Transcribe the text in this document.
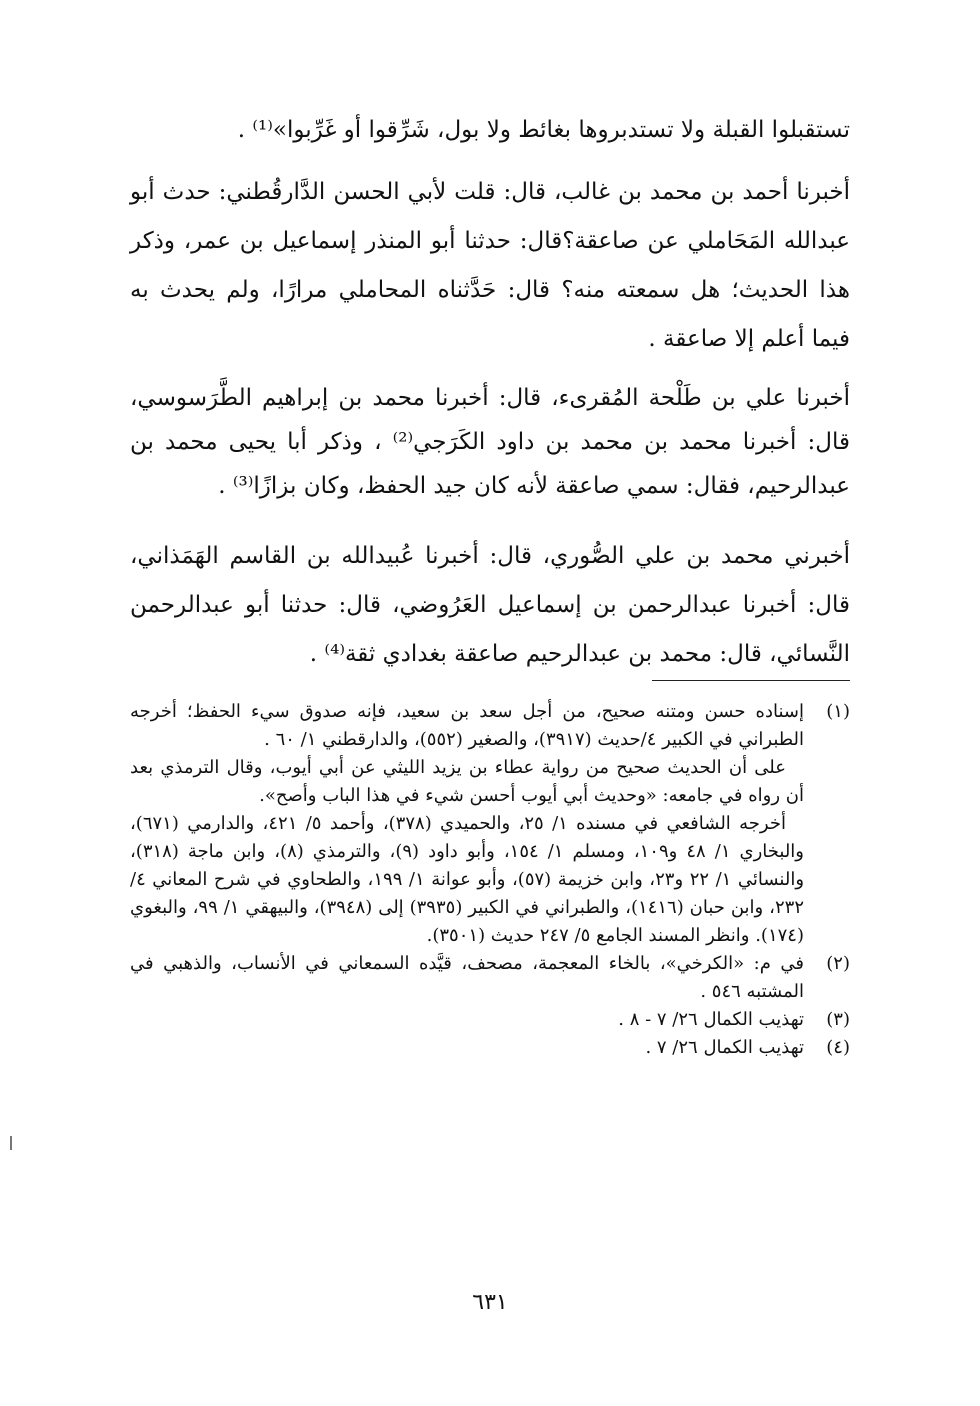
تستقبلوا القبلة ولا تستدبروها بغائط ولا بول، شَرِّقوا أو غَرِّبوا»⁽¹⁾ .

أخبرنا أحمد بن محمد بن غالب، قال: قلت لأبي الحسن الدَّارقُطني: حدث أبو عبدالله المَحَاملي عن صاعقة؟قال: حدثنا أبو المنذر إسماعيل بن عمر، وذكر هذا الحديث؛ هل سمعته منه؟ قال: حَدَّثناه المحاملي مرارًا، ولم يحدث به فيما أعلم إلا صاعقة .

أخبرنا علي بن طَلْحة المُقرىء، قال: أخبرنا محمد بن إبراهيم الطَّرَسوسي، قال: أخبرنا محمد بن محمد بن داود الكَرَجي⁽²⁾ ، وذكر أبا يحيى محمد بن عبدالرحيم، فقال: سمي صاعقة لأنه كان جيد الحفظ، وكان بزازًا⁽³⁾ .

أخبرني محمد بن علي الصُّوري، قال: أخبرنا عُبيدالله بن القاسم الهَمَذاني، قال: أخبرنا عبدالرحمن بن إسماعيل العَرُوضي، قال: حدثنا أبو عبدالرحمن النَّسائي، قال: محمد بن عبدالرحيم صاعقة بغدادي ثقة⁽⁴⁾ .

(١)

إسناده حسن ومتنه صحيح، من أجل سعد بن سعيد، فإنه صدوق سيء الحفظ؛ أخرجه الطبراني في الكبير ٤/حديث (٣٩١٧)، والصغير (٥٥٢)، والدارقطني ١/ ٦٠ .

على أن الحديث صحيح من رواية عطاء بن يزيد الليثي عن أبي أيوب، وقال الترمذي بعد أن رواه في جامعه: «وحديث أبي أيوب أحسن شيء في هذا الباب وأصح».

أخرجه الشافعي في مسنده ١/ ٢٥، والحميدي (٣٧٨)، وأحمد ٥/ ٤٢١، والدارمي (٦٧١)، والبخاري ١/ ٤٨ و١٠٩، ومسلم ١/ ١٥٤، وأبو داود (٩)، والترمذي (٨)، وابن ماجة (٣١٨)، والنسائي ١/ ٢٢ و٢٣، وابن خزيمة (٥٧)، وأبو عوانة ١/ ١٩٩، والطحاوي في شرح المعاني ٤/ ٢٣٢، وابن حبان (١٤١٦)، والطبراني في الكبير (٣٩٣٥) إلى (٣٩٤٨)، والبيهقي ١/ ٩٩، والبغوي (١٧٤). وانظر المسند الجامع ٥/ ٢٤٧ حديث (٣٥٠١).

(٢)

في م: «الكرخي»، بالخاء المعجمة، مصحف، قيَّده السمعاني في الأنساب، والذهبي في المشتبه ٥٤٦ .

(٣)

تهذيب الكمال ٢٦/ ٧ - ٨ .

(٤)

تهذيب الكمال ٢٦/ ٧ .

٦٣١
